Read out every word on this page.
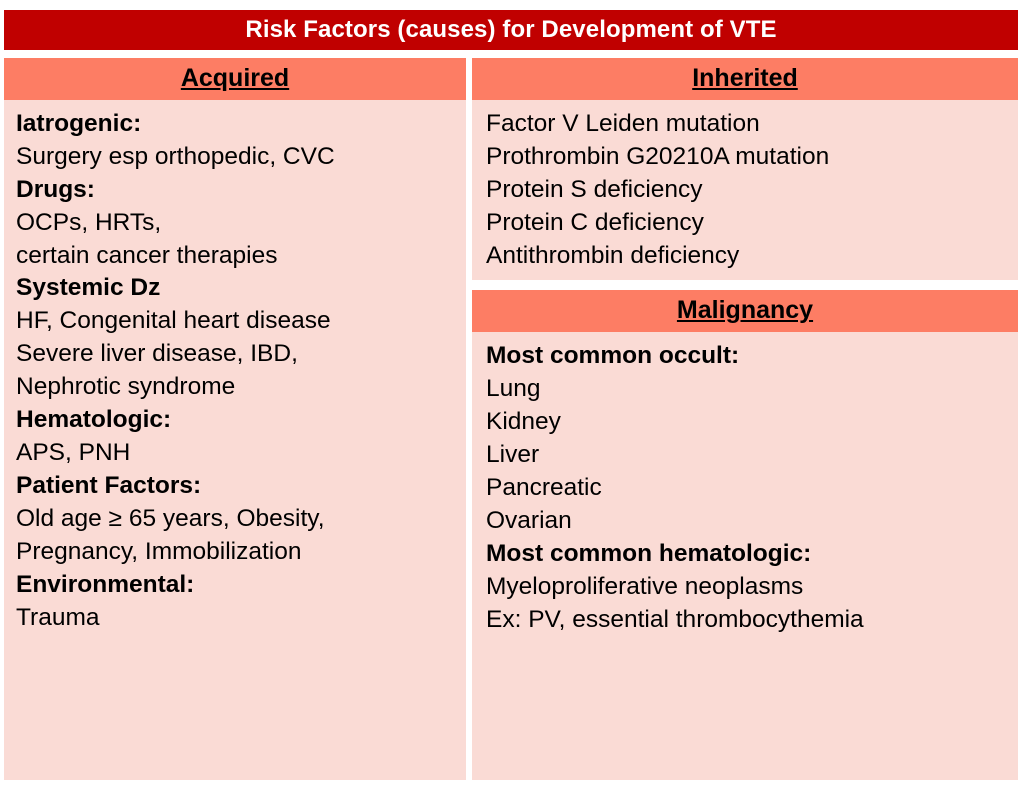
Risk Factors (causes) for Development of VTE
Acquired
Iatrogenic:
Surgery esp orthopedic, CVC
Drugs:
OCPs, HRTs,
certain cancer therapies
Systemic Dz
HF, Congenital heart disease
Severe liver disease, IBD,
Nephrotic syndrome
Hematologic:
APS, PNH
Patient Factors:
Old age ≥ 65 years, Obesity,
Pregnancy, Immobilization
Environmental:
Trauma
Inherited
Factor V Leiden mutation
Prothrombin G20210A mutation
Protein S deficiency
Protein C deficiency
Antithrombin deficiency
Malignancy
Most common occult:
Lung
Kidney
Liver
Pancreatic
Ovarian
Most common hematologic:
Myeloproliferative neoplasms
Ex: PV, essential thrombocythemia
